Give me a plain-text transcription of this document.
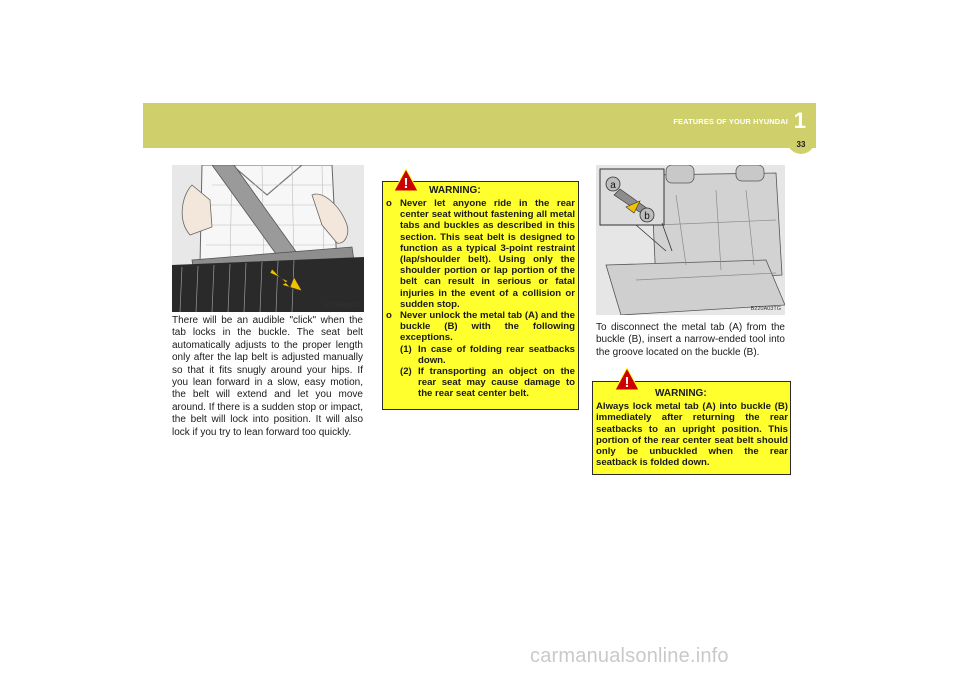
FEATURES OF YOUR HYUNDAI 1
33
B180A01NF-E

There will be an audible "click" when the tab locks in the buckle. The seat belt automatically adjusts to the proper length only after the lap belt is adjusted manually so that it fits snugly around your hips. If you lean forward in a slow, easy motion, the belt will extend and let you move around. If there is a sudden stop or impact, the belt will lock into position. It will also lock if you try to lean forward too quickly.

! WARNING:
o Never let anyone ride in the rear center seat without fastening all metal tabs and buckles as described in this section. This seat belt is designed to function as a typical 3-point restraint (lap/shoulder belt). Using only the shoulder portion or lap portion of the belt can result in serious or fatal injuries in the event of a collision or sudden stop.
o Never unlock the metal tab (A) and the buckle (B) with the following exceptions.
(1) In case of folding rear seatbacks down.
(2) If transporting an object on the rear seat may cause damage to the rear seat center belt.
a
b
B220A03TG

To disconnect the metal tab (A) from the buckle (B), insert a narrow-ended tool into the groove located on the buckle (B).

!
WARNING:

Always lock metal tab (A) into buckle (B) immediately after returning the rear seatbacks to an upright position. This portion of the rear center seat belt should only be unbuckled when the rear seatback is folded down.

carmanualsonline.info
